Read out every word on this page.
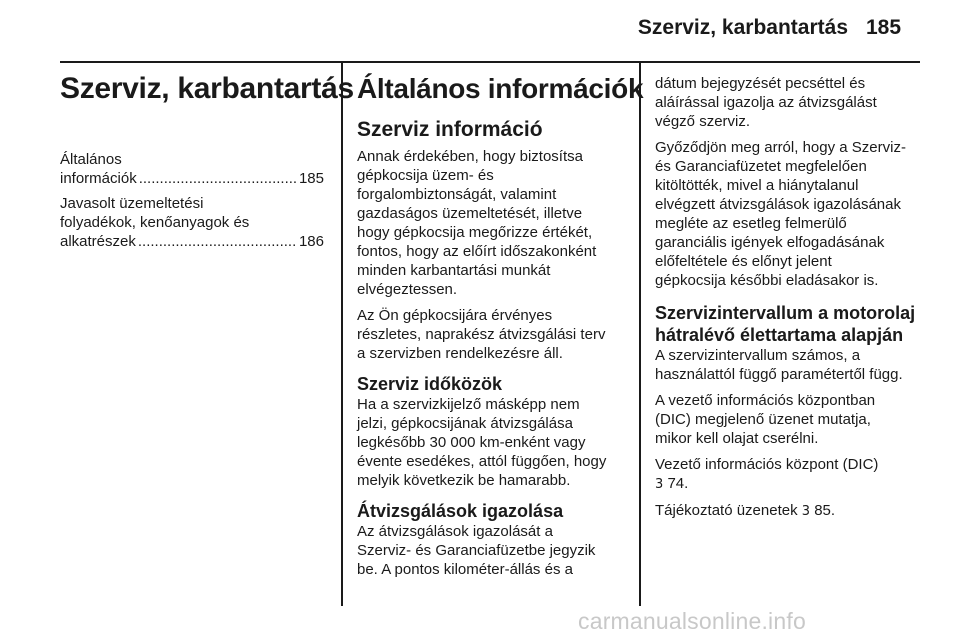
Szerviz, karbantartás 185
Szerviz, karbantartás
Általános információk .....	185
Javasolt üzemeltetési
folyadékok, kenőanyagok és
alkatrészek .....	186
Általános információk
Szerviz információ
Annak érdekében, hogy biztosítsa
gépkocsija üzem- és
forgalombiztonságát, valamint
gazdaságos üzemeltetését, illetve
hogy gépkocsija megőrizze értékét,
fontos, hogy az előírt időszakonként
minden karbantartási munkát
elvégeztessen.
Az Ön gépkocsijára érvényes
részletes, naprakész átvizsgálási terv
a szervizben rendelkezésre áll.
Szerviz időközök
Ha a szervizkijelző másképp nem
jelzi, gépkocsijának átvizsgálása
legkésőbb 30 000 km-enként vagy
évente esedékes, attól függően, hogy
melyik következik be hamarabb.
Átvizsgálások igazolása
Az átvizsgálások igazolását a
Szerviz- és Garanciafüzetbe jegyzik
be. A pontos kilométer-állás és a
dátum bejegyzését pecséttel és
aláírással igazolja az átvizsgálást
végző szerviz.
Győződjön meg arról, hogy a Szerviz-
és Garanciafüzetet megfelelően
kitöltötték, mivel a hiánytalanul
elvégzett átvizsgálások igazolásának
megléte az esetleg felmerülő
garanciális igények elfogadásának
előfeltétele és előnyt jelent
gépkocsija későbbi eladásakor is.
Szervizintervallum a motorolaj
hátralévő élettartama alapján
A szervizintervallum számos, a
használattól függő paramétertől függ.
A vezető információs központban
(DIC) megjelenő üzenet mutatja,
mikor kell olajat cserélni.
Vezető információs központ (DIC)
3 74.
Tájékoztató üzenetek 3 85.
carmanualsonline.info
